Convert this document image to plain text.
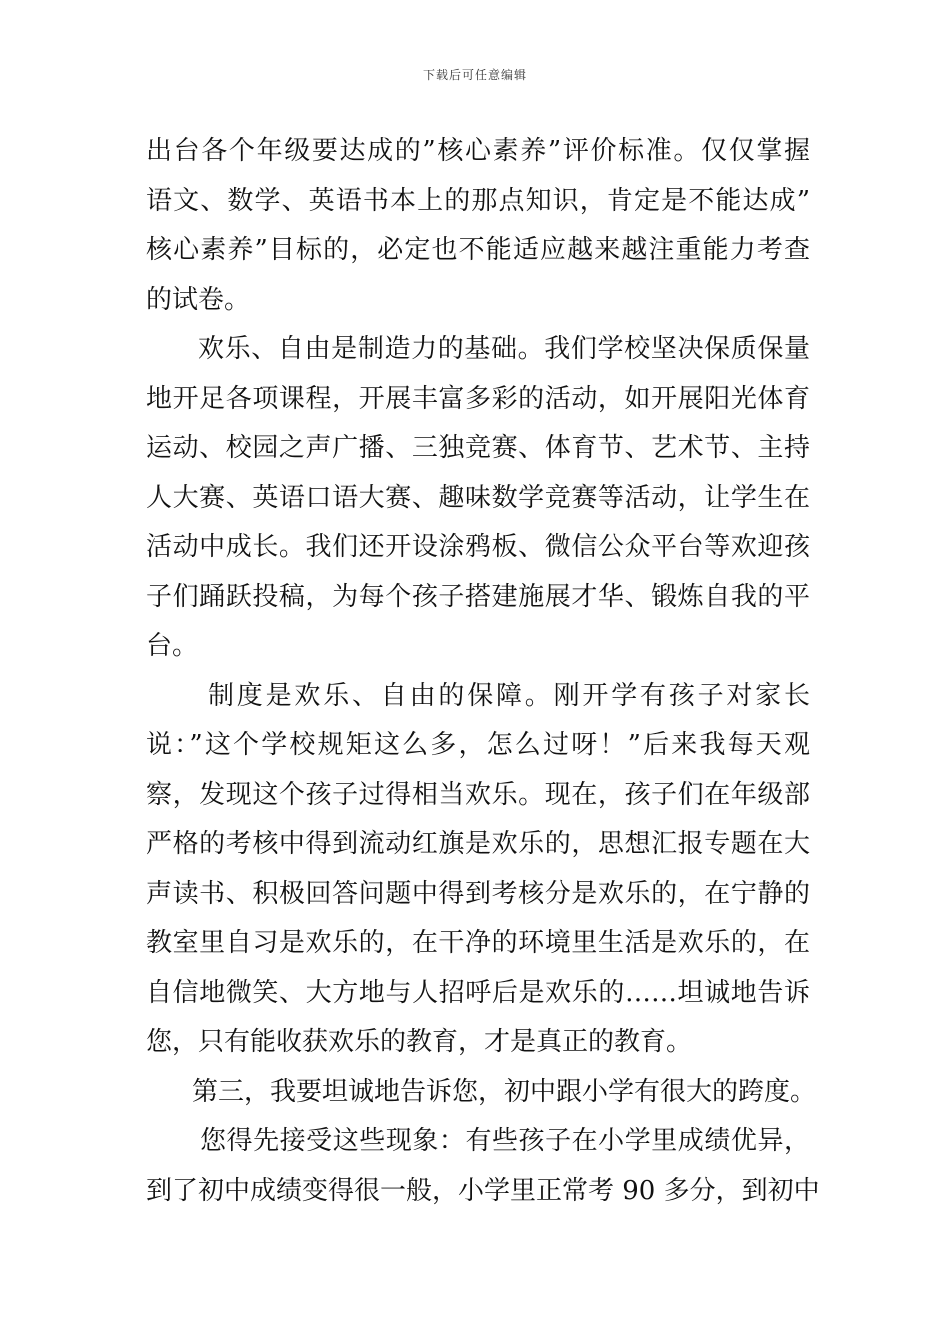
下载后可任意编辑
出台各个年级要达成的”核心素养”评价标准。仅仅掌握
语文、数学、英语书本上的那点知识，肯定是不能达成”
核心素养”目标的，必定也不能适应越来越注重能力考查
的试卷。
欢乐、自由是制造力的基础。我们学校坚决保质保量
地开足各项课程，开展丰富多彩的活动，如开展阳光体育
运动、校园之声广播、三独竞赛、体育节、艺术节、主持
人大赛、英语口语大赛、趣味数学竞赛等活动，让学生在
活动中成长。我们还开设涂鸦板、微信公众平台等欢迎孩
子们踊跃投稿，为每个孩子搭建施展才华、锻炼自我的平
台。
制度是欢乐、自由的保障。刚开学有孩子对家长
说：”这个学校规矩这么多，怎么过呀！”后来我每天观
察，发现这个孩子过得相当欢乐。现在，孩子们在年级部
严格的考核中得到流动红旗是欢乐的，思想汇报专题在大
声读书、积极回答问题中得到考核分是欢乐的，在宁静的
教室里自习是欢乐的，在干净的环境里生活是欢乐的，在
自信地微笑、大方地与人招呼后是欢乐的……坦诚地告诉
您，只有能收获欢乐的教育，才是真正的教育。
第三，我要坦诚地告诉您，初中跟小学有很大的跨度。
您得先接受这些现象：有些孩子在小学里成绩优异，
到了初中成绩变得很一般，小学里正常考 90 多分，到初中
